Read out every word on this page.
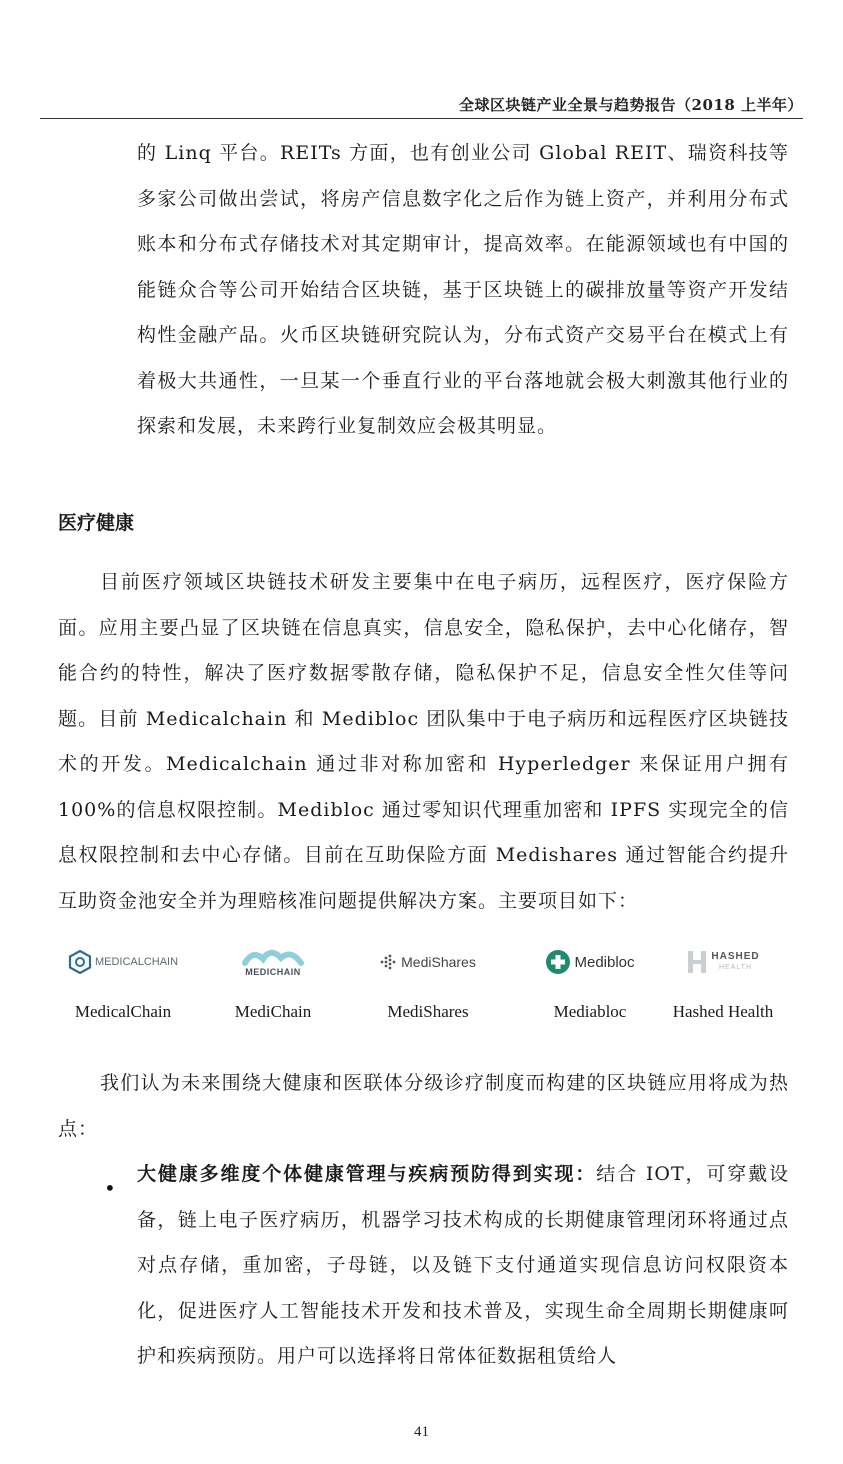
全球区块链产业全景与趋势报告（2018 上半年）

的 Linq 平台。REITs 方面，也有创业公司 Global REIT、瑞资科技等多家公司做出尝试，将房产信息数字化之后作为链上资产，并利用分布式账本和分布式存储技术对其定期审计，提高效率。在能源领域也有中国的能链众合等公司开始结合区块链，基于区块链上的碳排放量等资产开发结构性金融产品。火币区块链研究院认为，分布式资产交易平台在模式上有着极大共通性，一旦某一个垂直行业的平台落地就会极大刺激其他行业的探索和发展，未来跨行业复制效应会极其明显。

医疗健康

目前医疗领域区块链技术研发主要集中在电子病历，远程医疗，医疗保险方面。应用主要凸显了区块链在信息真实，信息安全，隐私保护，去中心化储存，智能合约的特性，解决了医疗数据零散存储，隐私保护不足，信息安全性欠佳等问题。目前 Medicalchain 和 Medibloc 团队集中于电子病历和远程医疗区块链技术的开发。Medicalchain 通过非对称加密和 Hyperledger 来保证用户拥有 100%的信息权限控制。Medibloc 通过零知识代理重加密和 IPFS 实现完全的信息权限控制和去中心存储。目前在互助保险方面 Medishares 通过智能合约提升互助资金池安全并为理赔核准问题提供解决方案。主要项目如下：

MEDICALCHAIN
MedicalChain
MEDICHAIN
MediChain
MediShares
MediShares
Medibloc
Mediabloc
HASHED
HEALTH
Hashed Health

我们认为未来围绕大健康和医联体分级诊疗制度而构建的区块链应用将成为热点：

•

大健康多维度个体健康管理与疾病预防得到实现：结合 IOT，可穿戴设备，链上电子医疗病历，机器学习技术构成的长期健康管理闭环将通过点对点存储，重加密，子母链，以及链下支付通道实现信息访问权限资本化，促进医疗人工智能技术开发和技术普及，实现生命全周期长期健康呵护和疾病预防。用户可以选择将日常体征数据租赁给人

41
